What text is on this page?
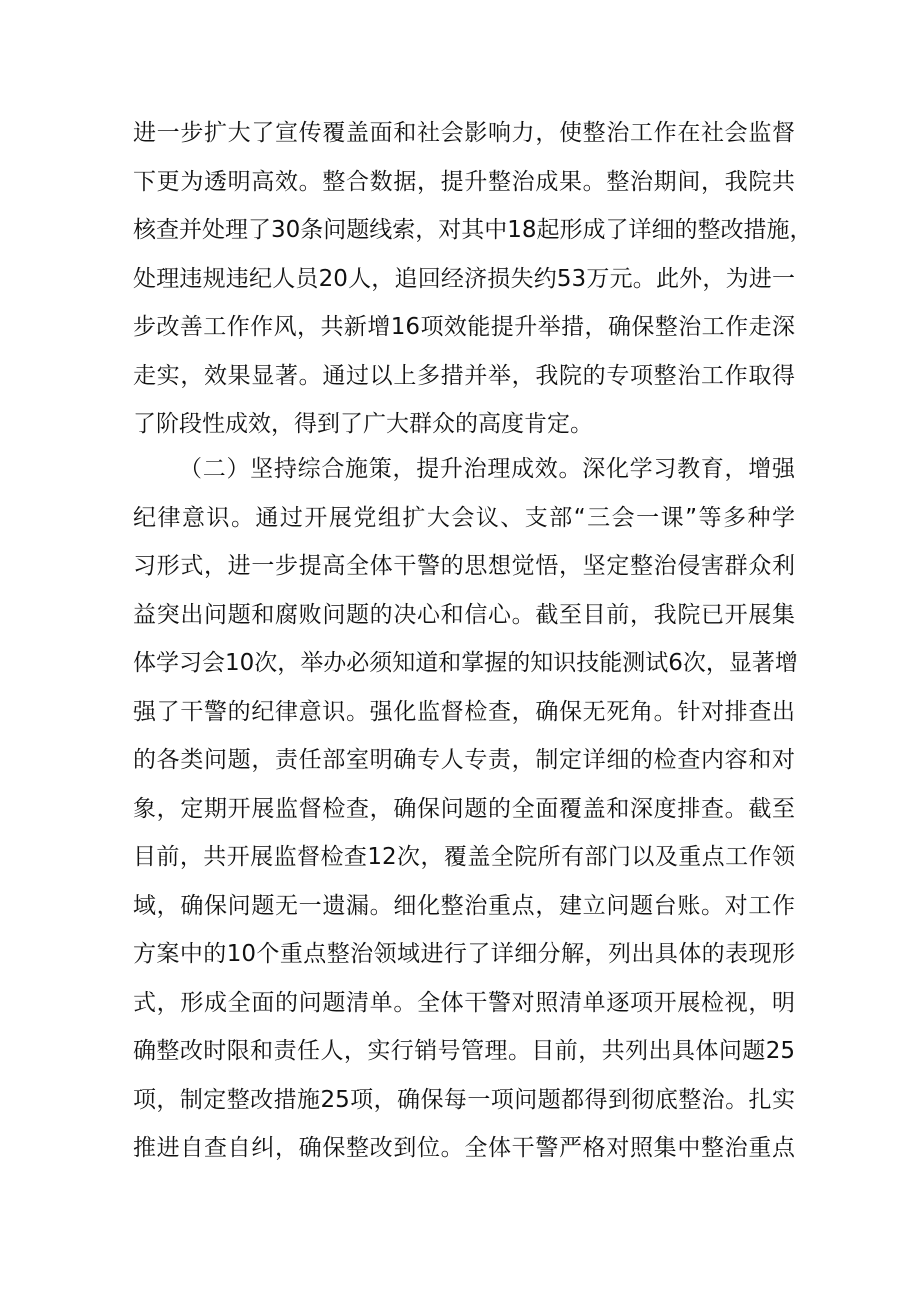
进一步扩大了宣传覆盖面和社会影响力，使整治工作在社会监督
下更为透明高效。整合数据，提升整治成果。整治期间，我院共
核查并处理了30条问题线索，对其中18起形成了详细的整改措施，
处理违规违纪人员20人，追回经济损失约53万元。此外，为进一
步改善工作作风，共新增16项效能提升举措，确保整治工作走深
走实，效果显著。通过以上多措并举，我院的专项整治工作取得
了阶段性成效，得到了广大群众的高度肯定。
（二）坚持综合施策，提升治理成效。深化学习教育，增强
纪律意识。通过开展党组扩大会议、支部“三会一课”等多种学
习形式，进一步提高全体干警的思想觉悟，坚定整治侵害群众利
益突出问题和腐败问题的决心和信心。截至目前，我院已开展集
体学习会10次，举办必须知道和掌握的知识技能测试6次，显著增
强了干警的纪律意识。强化监督检查，确保无死角。针对排查出
的各类问题，责任部室明确专人专责，制定详细的检查内容和对
象，定期开展监督检查，确保问题的全面覆盖和深度排查。截至
目前，共开展监督检查12次，覆盖全院所有部门以及重点工作领
域，确保问题无一遗漏。细化整治重点，建立问题台账。对工作
方案中的10个重点整治领域进行了详细分解，列出具体的表现形
式，形成全面的问题清单。全体干警对照清单逐项开展检视，明
确整改时限和责任人，实行销号管理。目前，共列出具体问题25
项，制定整改措施25项，确保每一项问题都得到彻底整治。扎实
推进自查自纠，确保整改到位。全体干警严格对照集中整治重点
